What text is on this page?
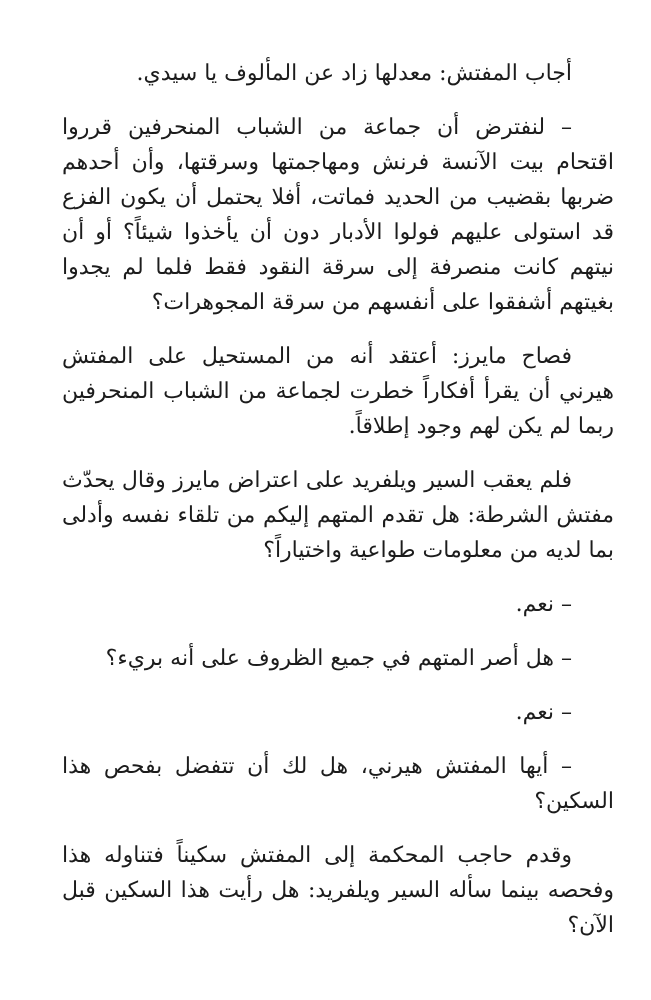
أجاب المفتش: معدلها زاد عن المألوف يا سيدي.

– لنفترض أن جماعة من الشباب المنحرفين قرروا اقتحام بيت الآنسة فرنش ومهاجمتها وسرقتها، وأن أحدهم ضربها بقضيب من الحديد فماتت، أفلا يحتمل أن يكون الفزع قد استولى عليهم فولوا الأدبار دون أن يأخذوا شيئاً؟ أو أن نيتهم كانت منصرفة إلى سرقة النقود فقط فلما لم يجدوا بغيتهم أشفقوا على أنفسهم من سرقة المجوهرات؟

فصاح مايرز: أعتقد أنه من المستحيل على المفتش هيرني أن يقرأ أفكاراً خطرت لجماعة من الشباب المنحرفين ربما لم يكن لهم وجود إطلاقاً.

فلم يعقب السير ويلفريد على اعتراض مايرز وقال يحدّث مفتش الشرطة: هل تقدم المتهم إليكم من تلقاء نفسه وأدلى بما لديه من معلومات طواعية واختياراً؟

– نعم.

– هل أصر المتهم في جميع الظروف على أنه بريء؟

– نعم.

– أيها المفتش هيرني، هل لك أن تتفضل بفحص هذا السكين؟

وقدم حاجب المحكمة إلى المفتش سكيناً فتناوله هذا وفحصه بينما سأله السير ويلفريد: هل رأيت هذا السكين قبل الآن؟
